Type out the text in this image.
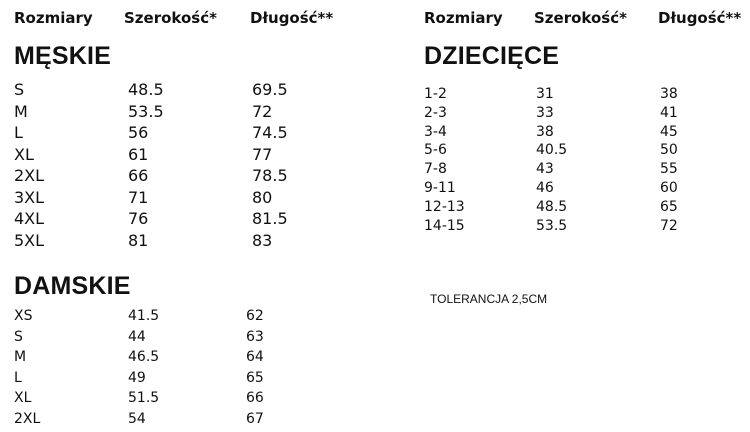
Rozmiary Szerokość* Długość**	Rozmiary Szerokość* Długość**
MĘSKIE
S	48.5	69.5
M	53.5	72
L	56	74.5
XL	61	77
2XL	66	78.5
3XL	71	80
4XL	76	81.5
5XL	81	83
DAMSKIE
XS	41.5	62
S	44	63
M	46.5	64
L	49	65
XL	51.5	66
2XL	54	67
DZIECIĘCE
1-2	31	38
2-3	33	41
3-4	38	45
5-6	40.5	50
7-8	43	55
9-11	46	60
12-13	48.5	65
14-15	53.5	72
TOLERANCJA 2,5CM
